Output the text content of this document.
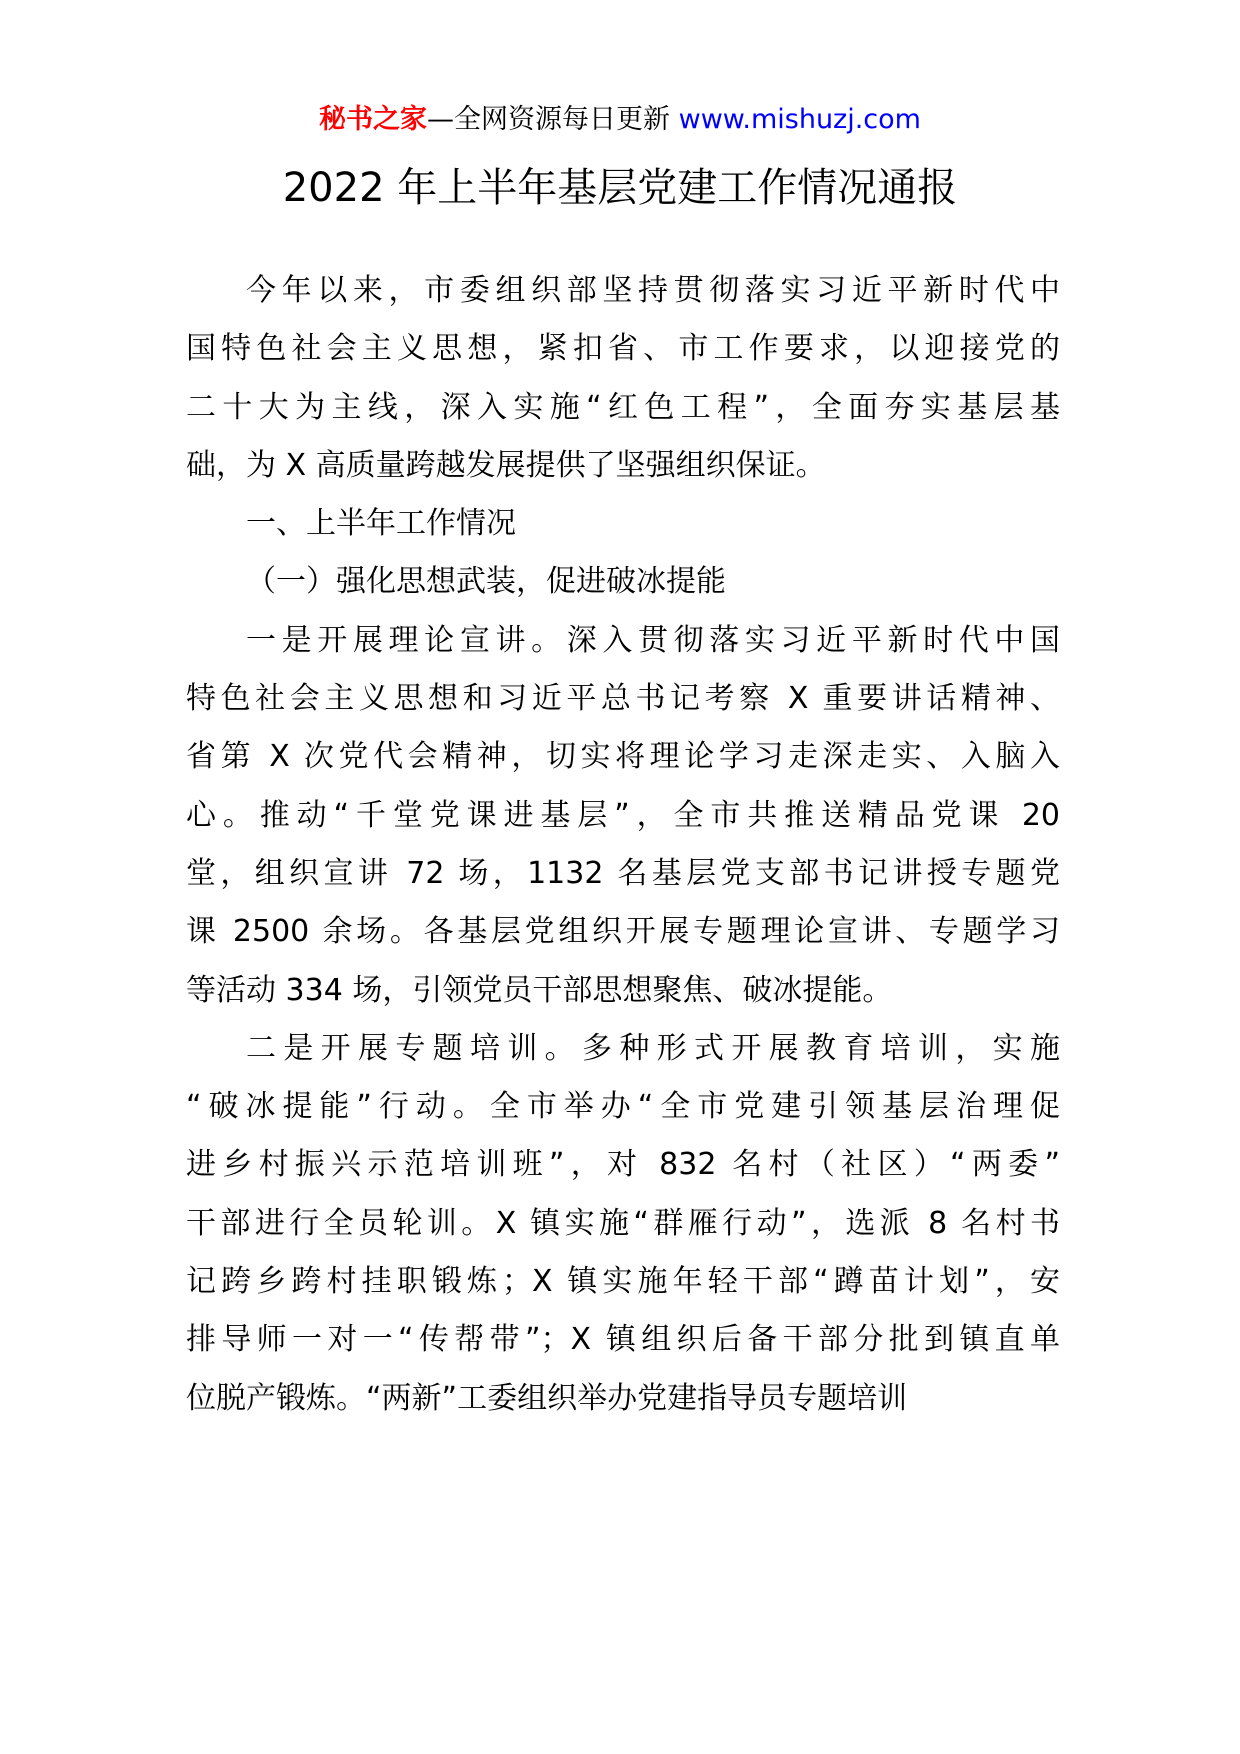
秘书之家—全网资源每日更新 www.mishuzj.com
2022 年上半年基层党建工作情况通报

今年以来，市委组织部坚持贯彻落实习近平新时代中
国特色社会主义思想，紧扣省、市工作要求，以迎接党的
二十大为主线，深入实施“红色工程”，全面夯实基层基
础，为 X 高质量跨越发展提供了坚强组织保证。

一、上半年工作情况

（一）强化思想武装，促进破冰提能

一是开展理论宣讲。深入贯彻落实习近平新时代中国
特色社会主义思想和习近平总书记考察 X 重要讲话精神、
省第 X 次党代会精神，切实将理论学习走深走实、入脑入
心。推动“千堂党课进基层”，全市共推送精品党课 20
堂，组织宣讲 72 场，1132 名基层党支部书记讲授专题党
课 2500 余场。各基层党组织开展专题理论宣讲、专题学习
等活动 334 场，引领党员干部思想聚焦、破冰提能。

二是开展专题培训。多种形式开展教育培训，实施
“破冰提能”行动。全市举办“全市党建引领基层治理促
进乡村振兴示范培训班”，对 832 名村（社区）“两委”
干部进行全员轮训。X 镇实施“群雁行动”，选派 8 名村书
记跨乡跨村挂职锻炼；X 镇实施年轻干部“蹲苗计划”，安
排导师一对一“传帮带”；X 镇组织后备干部分批到镇直单
位脱产锻炼。“两新”工委组织举办党建指导员专题培训
